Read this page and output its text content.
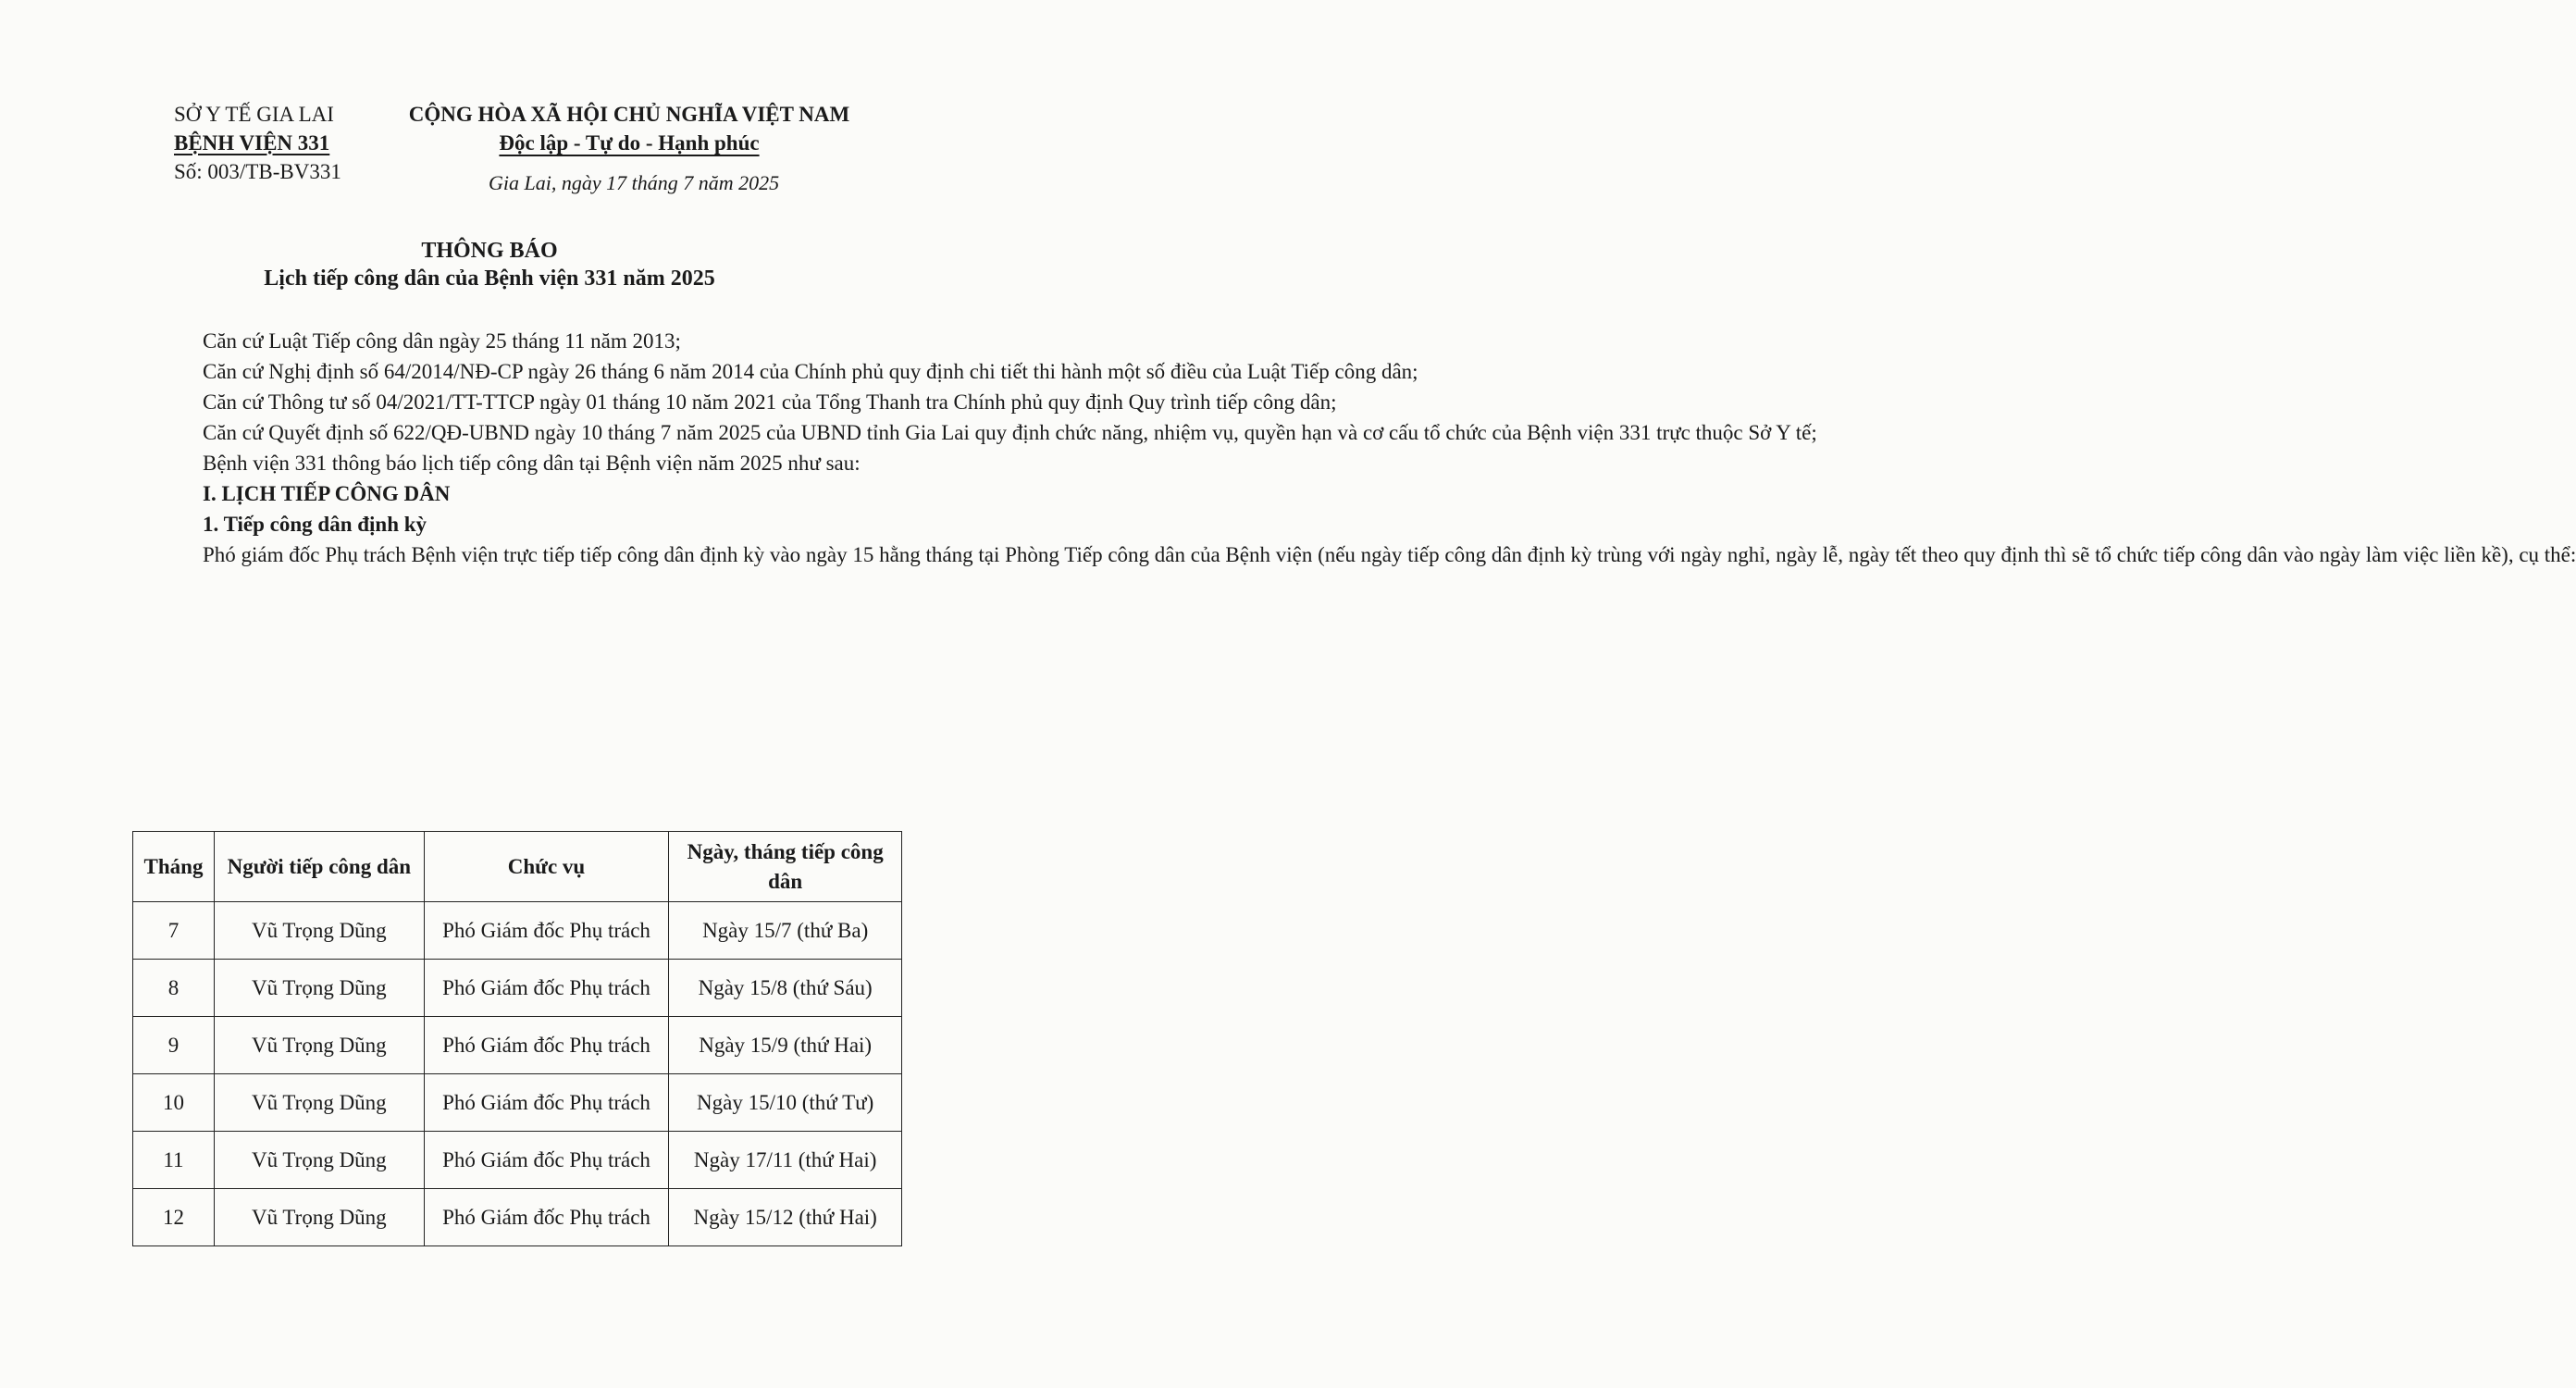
SỞ Y TẾ GIA LAI
BỆNH VIỆN 331
Số: 003/TB-BV331
CỘNG HÒA XÃ HỘI CHỦ NGHĨA VIỆT NAM
Độc lập - Tự do - Hạnh phúc
Gia Lai, ngày 17 tháng 7 năm 2025
THÔNG BÁO
Lịch tiếp công dân của Bệnh viện 331 năm 2025

Căn cứ Luật Tiếp công dân ngày 25 tháng 11 năm 2013;

Căn cứ Nghị định số 64/2014/NĐ-CP ngày 26 tháng 6 năm 2014 của Chính phủ quy định chi tiết thi hành một số điều của Luật Tiếp công dân;

Căn cứ Thông tư số 04/2021/TT-TTCP ngày 01 tháng 10 năm 2021 của Tổng Thanh tra Chính phủ quy định Quy trình tiếp công dân;

Căn cứ Quyết định số 622/QĐ-UBND ngày 10 tháng 7 năm 2025 của UBND tỉnh Gia Lai quy định chức năng, nhiệm vụ, quyền hạn và cơ cấu tổ chức của Bệnh viện 331 trực thuộc Sở Y tế;

Bệnh viện 331 thông báo lịch tiếp công dân tại Bệnh viện năm 2025 như sau:

I. LỊCH TIẾP CÔNG DÂN

1. Tiếp công dân định kỳ

Phó giám đốc Phụ trách Bệnh viện trực tiếp tiếp công dân định kỳ vào ngày 15 hằng tháng tại Phòng Tiếp công dân của Bệnh viện (nếu ngày tiếp công dân định kỳ trùng với ngày nghỉ, ngày lễ, ngày tết theo quy định thì sẽ tổ chức tiếp công dân vào ngày làm việc liền kề), cụ thể:

Tháng	Người tiếp công dân	Chức vụ	Ngày, tháng tiếp công dân
7	Vũ Trọng Dũng	Phó Giám đốc Phụ trách	Ngày 15/7 (thứ Ba)
8	Vũ Trọng Dũng	Phó Giám đốc Phụ trách	Ngày 15/8 (thứ Sáu)
9	Vũ Trọng Dũng	Phó Giám đốc Phụ trách	Ngày 15/9 (thứ Hai)
10	Vũ Trọng Dũng	Phó Giám đốc Phụ trách	Ngày 15/10 (thứ Tư)
11	Vũ Trọng Dũng	Phó Giám đốc Phụ trách	Ngày 17/11 (thứ Hai)
12	Vũ Trọng Dũng	Phó Giám đốc Phụ trách	Ngày 15/12 (thứ Hai)
